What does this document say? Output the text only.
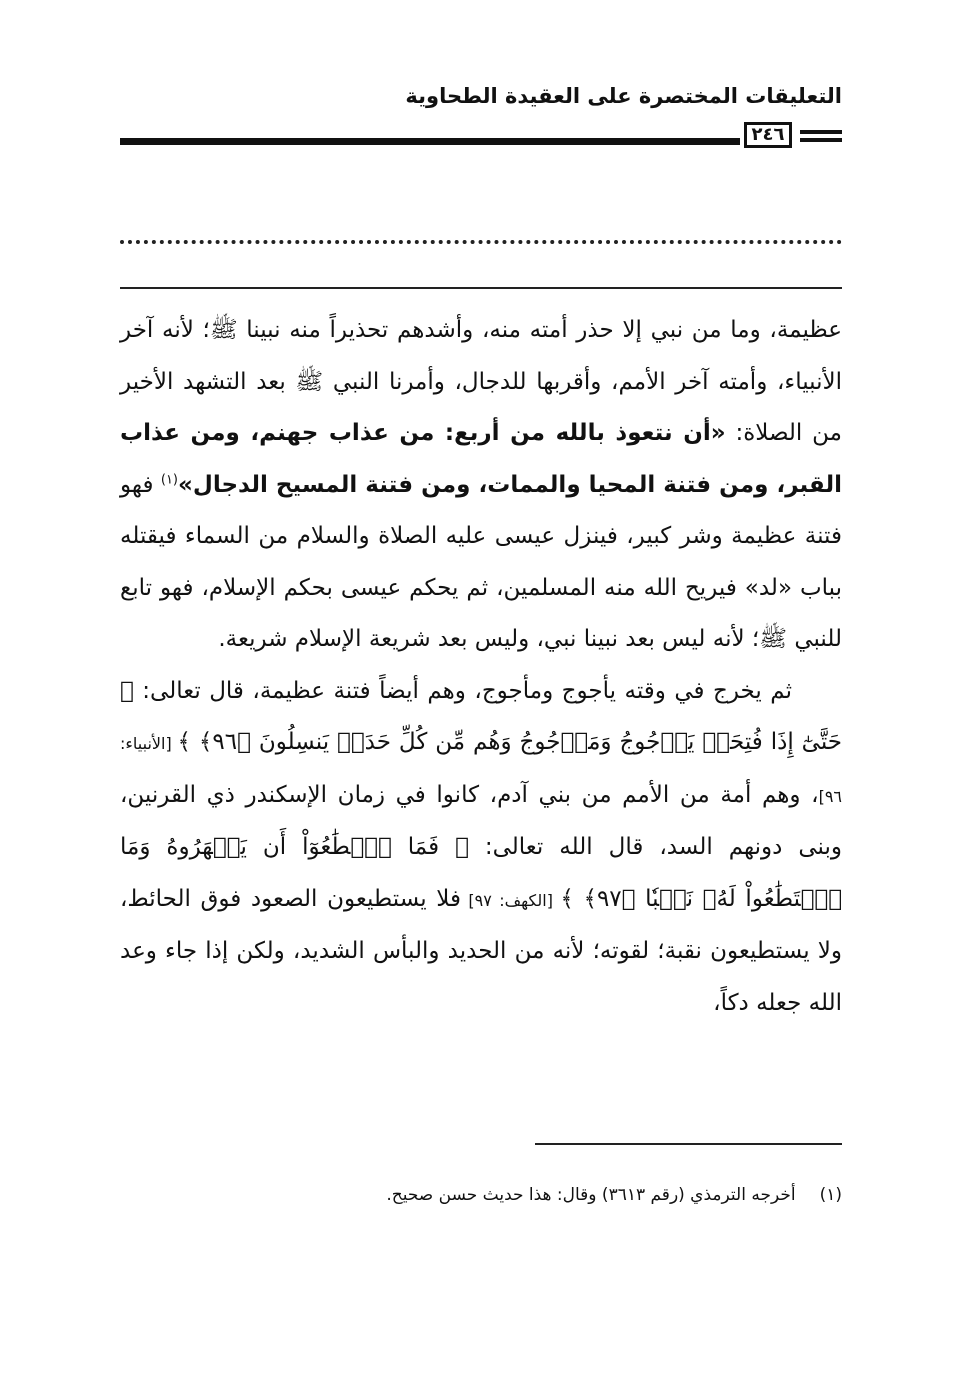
التعليقات المختصرة على العقيدة الطحاوية
٢٤٦

عظيمة، وما من نبي إلا حذر أمته منه، وأشدهم تحذيراً منه نبينا ﷺ؛ لأنه آخر الأنبياء، وأمته آخر الأمم، وأقربها للدجال، وأمرنا النبي ﷺ بعد التشهد الأخير من الصلاة: «أن نتعوذ بالله من أربع: من عذاب جهنم، ومن عذاب القبر، ومن فتنة المحيا والممات، ومن فتنة المسيح الدجال»$^{(١)}$ فهو فتنة عظيمة وشر كبير، فينزل عيسى عليه الصلاة والسلام من السماء فيقتله بباب «لد» فيريح الله منه المسلمين، ثم يحكم عيسى بحكم الإسلام، فهو تابع للنبي ﷺ؛ لأنه ليس بعد نبينا نبي، وليس بعد شريعة الإسلام شريعة.

ثم يخرج في وقته يأجوج ومأجوج، وهم أيضاً فتنة عظيمة، قال تعالى: ﴿ حَتَّىٰٓ إِذَا فُتِحَتۡ يَأۡجُوجُ وَمَأۡجُوجُ وَهُم مِّن كُلِّ حَدَبٖ يَنسِلُونَ ﴿٩٦﴾ ﴾ [الأنبياء: ٩٦]، وهم أمة من الأمم من بني آدم، كانوا في زمان الإسكندر ذي القرنين، وبنى دونهم السد، قال الله تعالى: ﴿ فَمَا ٱسۡطَٰعُوٓاْ أَن يَظۡهَرُوهُ وَمَا ٱسۡتَطَٰعُواْ لَهُۥ نَقۡبٗا ﴿٩٧﴾ ﴾ [الكهف: ٩٧] فلا يستطيعون الصعود فوق الحائط، ولا يستطيعون نقبة؛ لقوته؛ لأنه من الحديد والبأس الشديد، ولكن إذا جاء وعد الله جعله دكاً،

(١)أخرجه الترمذي (رقم ٣٦١٣) وقال: هذا حديث حسن صحيح.
